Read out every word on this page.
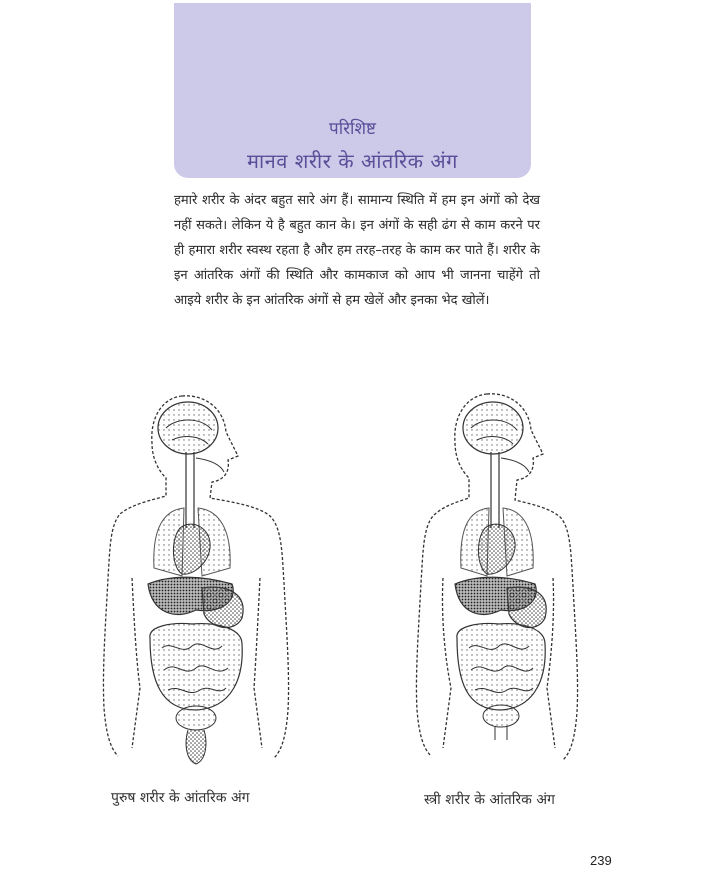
परिशिष्ट
मानव शरीर के आंतरिक अंग

हमारे शरीर के अंदर बहुत सारे अंग हैं। सामान्य स्थिति में हम इन अंगों को देख नहीं सकते। लेकिन ये है बहुत कान के। इन अंगों के सही ढंग से काम करने पर ही हमारा शरीर स्वस्थ रहता है और हम तरह–तरह के काम कर पाते हैं। शरीर के इन आंतरिक अंगों की स्थिति और कामकाज को आप भी जानना चाहेंगे तो आइये शरीर के इन आंतरिक अंगों से हम खेलें और इनका भेद खोलें।

पुरुष शरीर के आंतरिक अंग	स्त्री शरीर के आंतरिक अंग
239
